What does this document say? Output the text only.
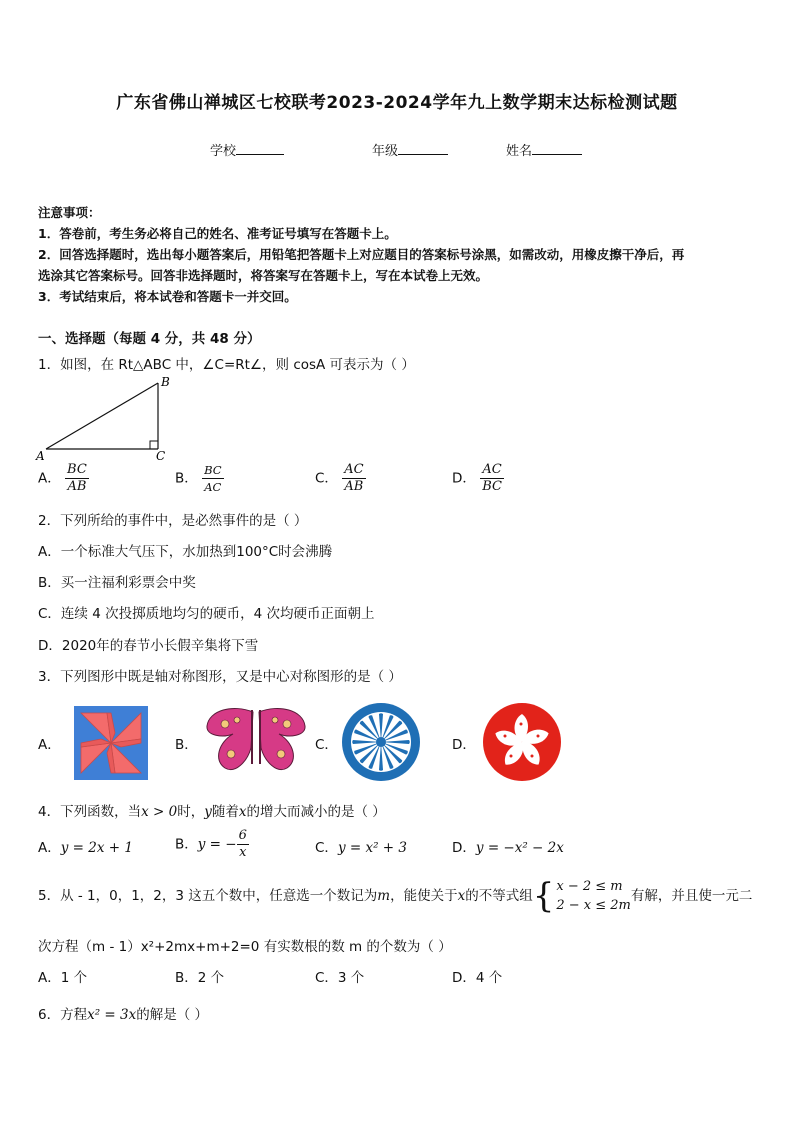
广东省佛山禅城区七校联考2023-2024学年九上数学期末达标检测试题
学校	年级	姓名
注意事项：
1．答卷前，考生务必将自己的姓名、准考证号填写在答题卡上。
2．回答选择题时，选出每小题答案后，用铅笔把答题卡上对应题目的答案标号涂黑，如需改动，用橡皮擦干净后，再
选涂其它答案标号。回答非选择题时，将答案写在答题卡上，写在本试卷上无效。
3．考试结束后，将本试卷和答题卡一并交回。
一、选择题（每题 4 分，共 48 分）
1．如图，在 Rt△ABC 中，∠C=Rt∠，则 cosA 可表示为（ ）
A
B
C
A． $\frac{BC}{AB}$	B． $\frac{BC}{AC}$	C． $\frac{AC}{AB}$	D． $\frac{AC}{BC}$
2．下列所给的事件中，是必然事件的是（ ）
A．一个标准大气压下，水加热到100°C时会沸腾
B．买一注福利彩票会中奖
C．连续 4 次投掷质地均匀的硬币，4 次均硬币正面朝上
D．2020年的春节小长假辛集将下雪
3．下列图形中既是轴对称图形，又是中心对称图形的是（ ）
A．	B．	C．	D．
4．下列函数，当x > 0时，y随着x的增大而减小的是（ ）
A．y = 2x + 1	B．y = − $\frac{6}{x}$	C．y = x² + 3	D．y = −x² − 2x
5．从 - 1，0，1，2，3 这五个数中，任意选一个数记为m，能使关于x的不等式组 { x − 2 ≤ m
2 − x ≤ 2m
有解，并且使一元二
次方程（m - 1）x²+2mx+m+2=0 有实数根的数 m 的个数为（ ）
A．1 个	B．2 个	C．3 个	D．4 个
6．方程x² = 3x的解是（ ）
